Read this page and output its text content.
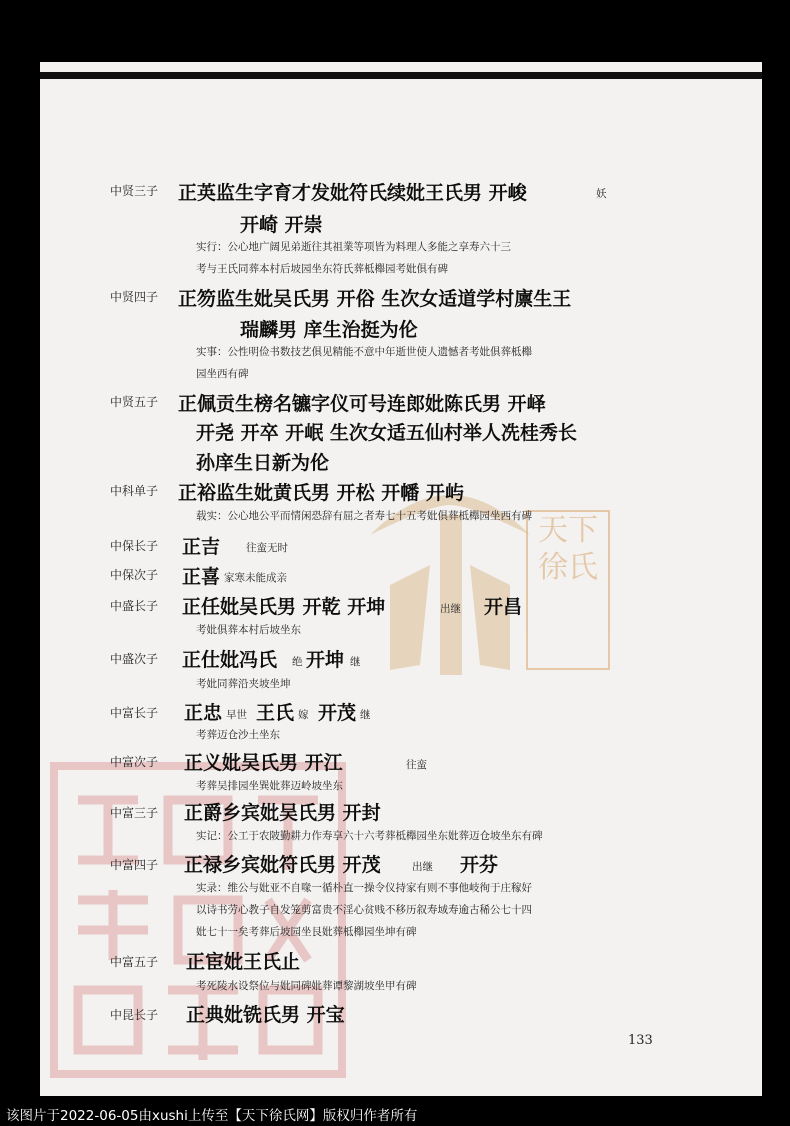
天下徐氏
中贤三子 正英监生字育才发妣符氏续妣王氏男 开峻	妖
开崎 开崇
实行：公心地广阔见弟逝往其祖業等项皆为料理人多能之享寿六十三
考与王氏同葬本村后坡园坐东符氏葬柢櫸园考妣俱有碑
中贤四子 正笏监生妣吴氏男 开俗 生次女适道学村廪生王
瑞麟男 庠生治挺为伦
实事：公性明俭书数技艺俱见精能不意中年逝世使人遗憾者考妣俱葬柢櫸
园坐西有碑
中贤五子 正佩贡生榜名镳字仪可号连郎妣陈氏男 开峄
开尧 开卒 开岷 生次女适五仙村举人冼桂秀长
孙庠生日新为伦
中科单子 正裕监生妣黄氏男 开松 开幡 开屿
载实：公心地公平而情闲恐辞有屈之者寿七十五考妣俱葬柢櫸园坐西有碑
中保长子 正吉 往蛮无时
中保次子 正喜 家寒未能成亲
中盛长子 正任妣吴氏男 开乾 开坤	出继 开昌
考妣俱葬本村后坡坐东
中盛次子 正仕妣冯氏 绝 开坤 继
考妣同葬沿夹坡坐坤
中富长子 正忠 早世 王氏 嫁 开茂 继
考葬迈仓沙土坐东
中富次子 正义妣吴氏男 开江	往蛮
考葬吴排园坐巽妣葬迈岭坡坐东
中富三子 正爵乡宾妣吴氏男 开封
实记：公工于农陂勤耕力作寿享六十六考葬柢櫸园坐东妣葬迈仓坡坐东有碑
中富四子 正禄乡宾妣符氏男 开茂	出继 开芬
实录：维公与妣亚不自喙一循朴直一操令仪持家有则不事他岐徇于庄稼好
以诗书劳心教子自发笼剪富贵不淫心贫贱不移历叙寿域寿逾古稀公七十四
妣七十一矣考葬后坡园坐艮妣葬柢櫸园坐坤有碑
中富五子 正宦妣王氏止
考死陵水设祭位与妣同碑妣葬谭黎湖坡坐甲有碑
中昆长子 正典妣铣氏男 开宝
133
该图片于2022-06-05由xushi上传至【天下徐氏网】版权归作者所有
